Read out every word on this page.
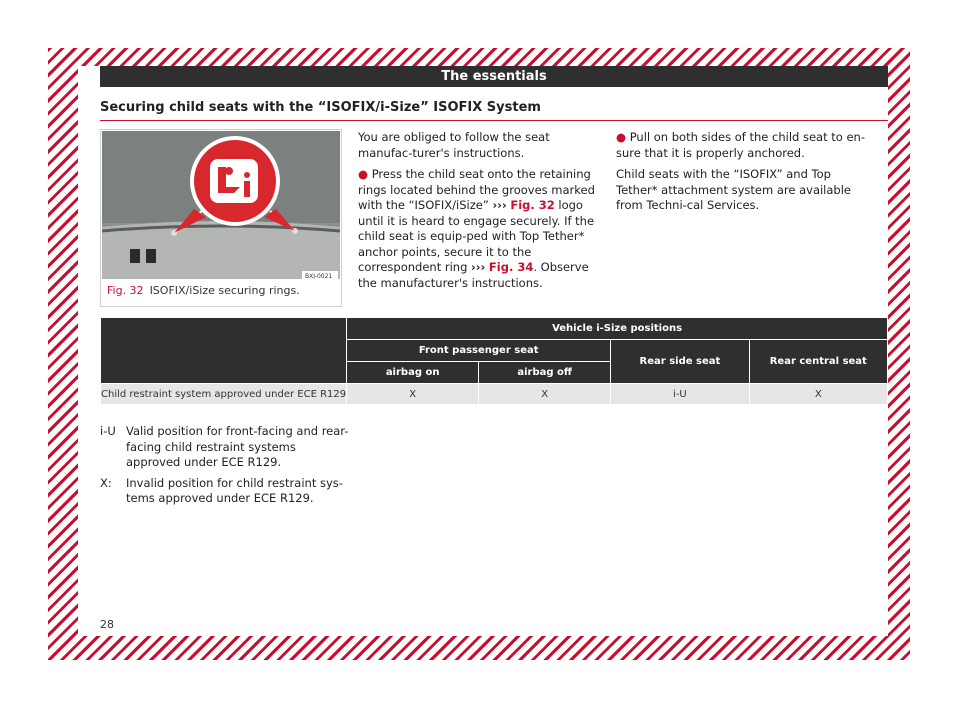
The essentials
Securing child seats with the “ISOFIX/i-Size” ISOFIX System
BXJ-0021
Fig. 32 ISOFIX/iSize securing rings.

You are obliged to follow the seat manufac-turer's instructions.

● Press the child seat onto the retaining rings located behind the grooves marked with the “ISOFIX/iSize” ››› Fig. 32 logo until it is heard to engage securely. If the child seat is equip-ped with Top Tether* anchor points, secure it to the correspondent ring ››› Fig. 34. Observe the manufacturer's instructions.

● Pull on both sides of the child seat to en-sure that it is properly anchored.

Child seats with the “ISOFIX” and Top Tether* attachment system are available from Techni-cal Services.

	Vehicle i-Size positions			
	Front passenger seat		Rear side seat	Rear central seat
	airbag on	airbag off		
Child restraint system approved under ECE R129	X	X	i-U	X
i-U Valid position for front-facing and rear-facing child restraint systems approved under ECE R129.
X: Invalid position for child restraint sys-tems approved under ECE R129.
28
